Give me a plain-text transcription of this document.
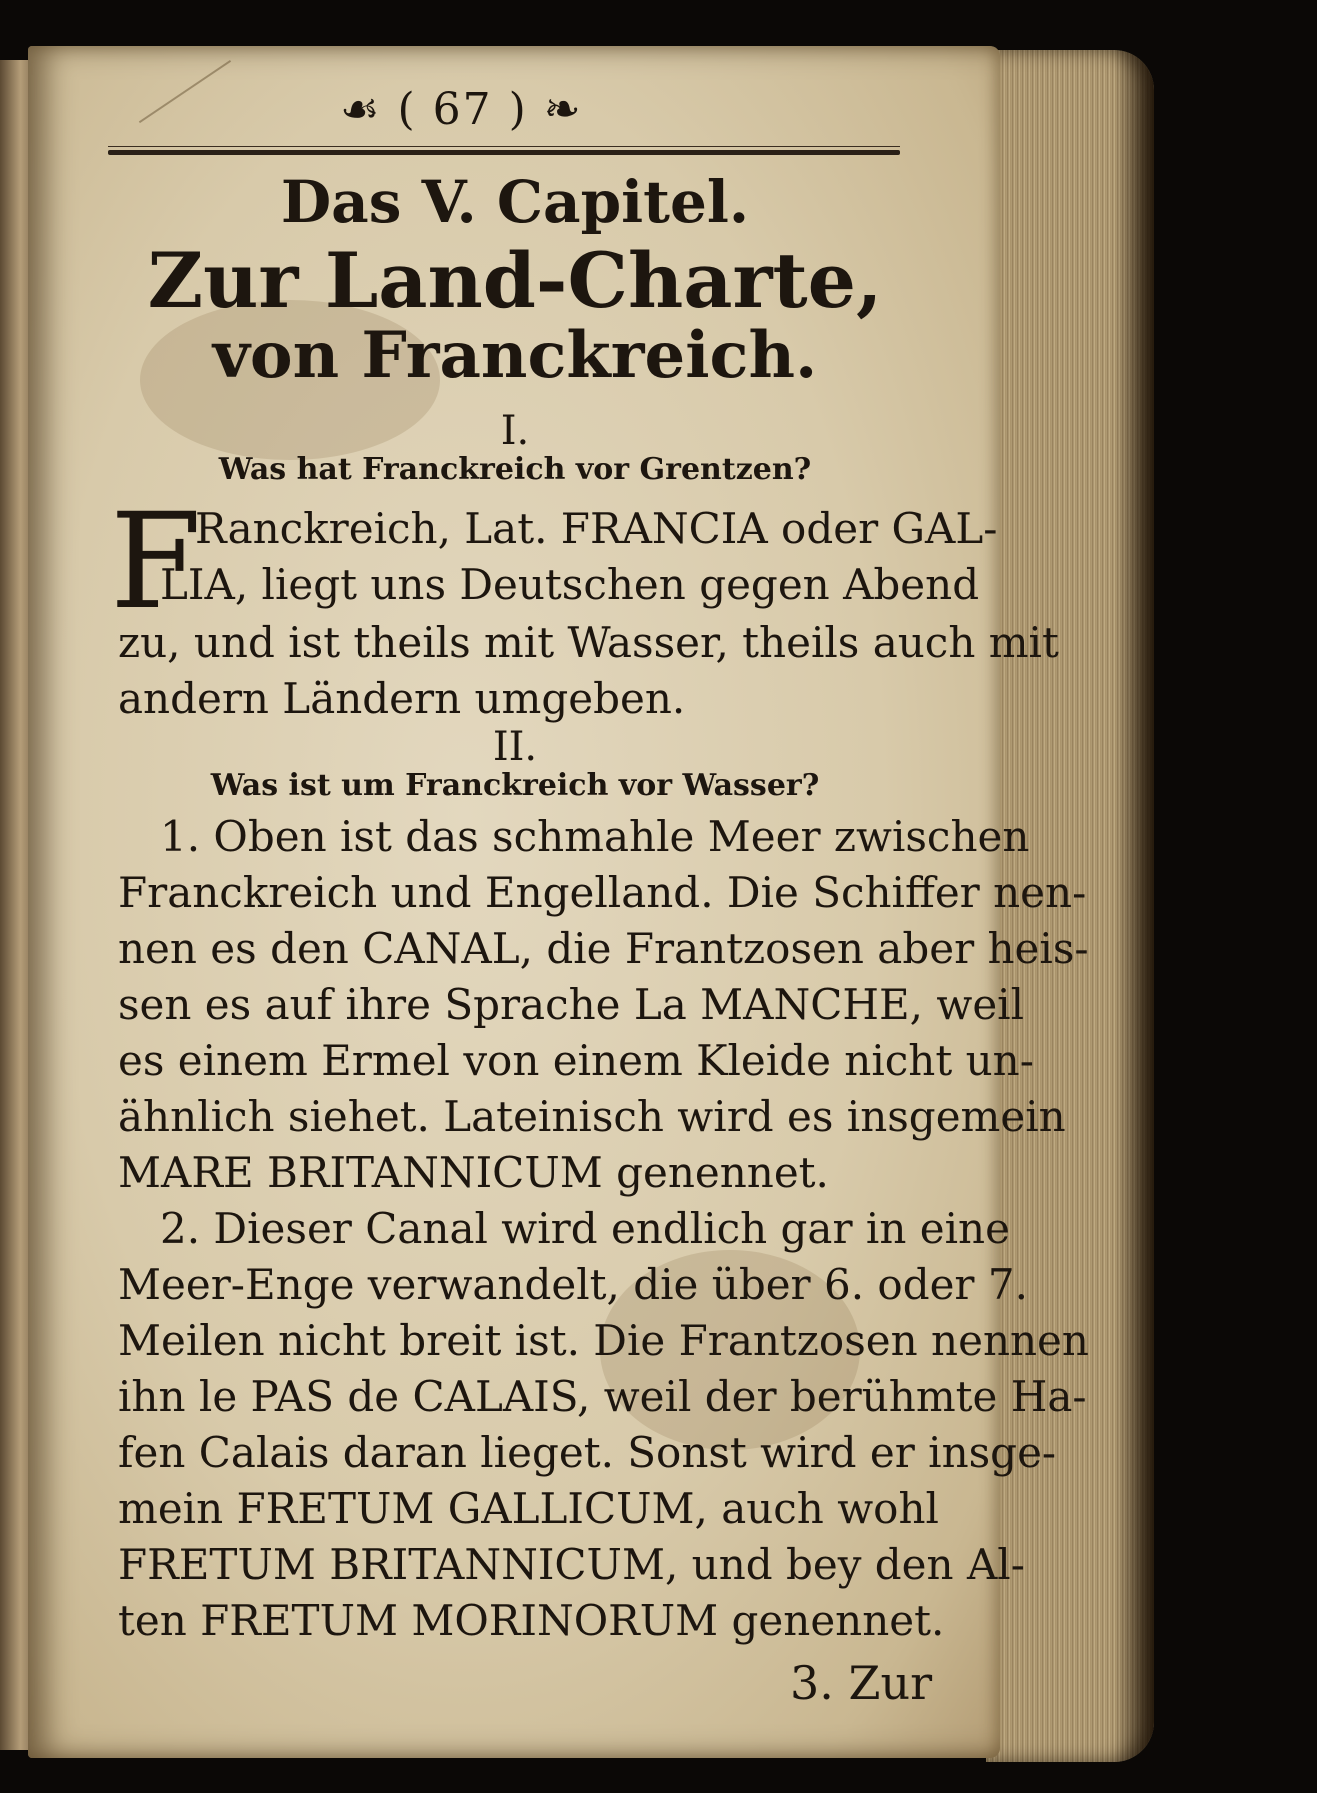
☙ ( 67 ) ❧
Das V. Capitel.
Zur Land-Charte,
von Franckreich.
I.
Was hat Franckreich vor Grentzen?
F
Ranckreich, Lat. FRANCIA oder GAL-
LIA, liegt uns Deutschen gegen Abend
zu, und ist theils mit Wasser, theils auch mit
andern Ländern umgeben.
II.
Was ist um Franckreich vor Wasser?
1. Oben ist das schmahle Meer zwischen
Franckreich und Engelland. Die Schiffer nen-
nen es den CANAL, die Frantzosen aber heis-
sen es auf ihre Sprache La MANCHE, weil
es einem Ermel von einem Kleide nicht un-
ähnlich siehet. Lateinisch wird es insgemein
MARE BRITANNICUM genennet.
2. Dieser Canal wird endlich gar in eine
Meer-Enge verwandelt, die über 6. oder 7.
Meilen nicht breit ist. Die Frantzosen nennen
ihn le PAS de CALAIS, weil der berühmte Ha-
fen Calais daran lieget. Sonst wird er insge-
mein FRETUM GALLICUM, auch wohl
FRETUM BRITANNICUM, und bey den Al-
ten FRETUM MORINORUM genennet.
3. Zur
